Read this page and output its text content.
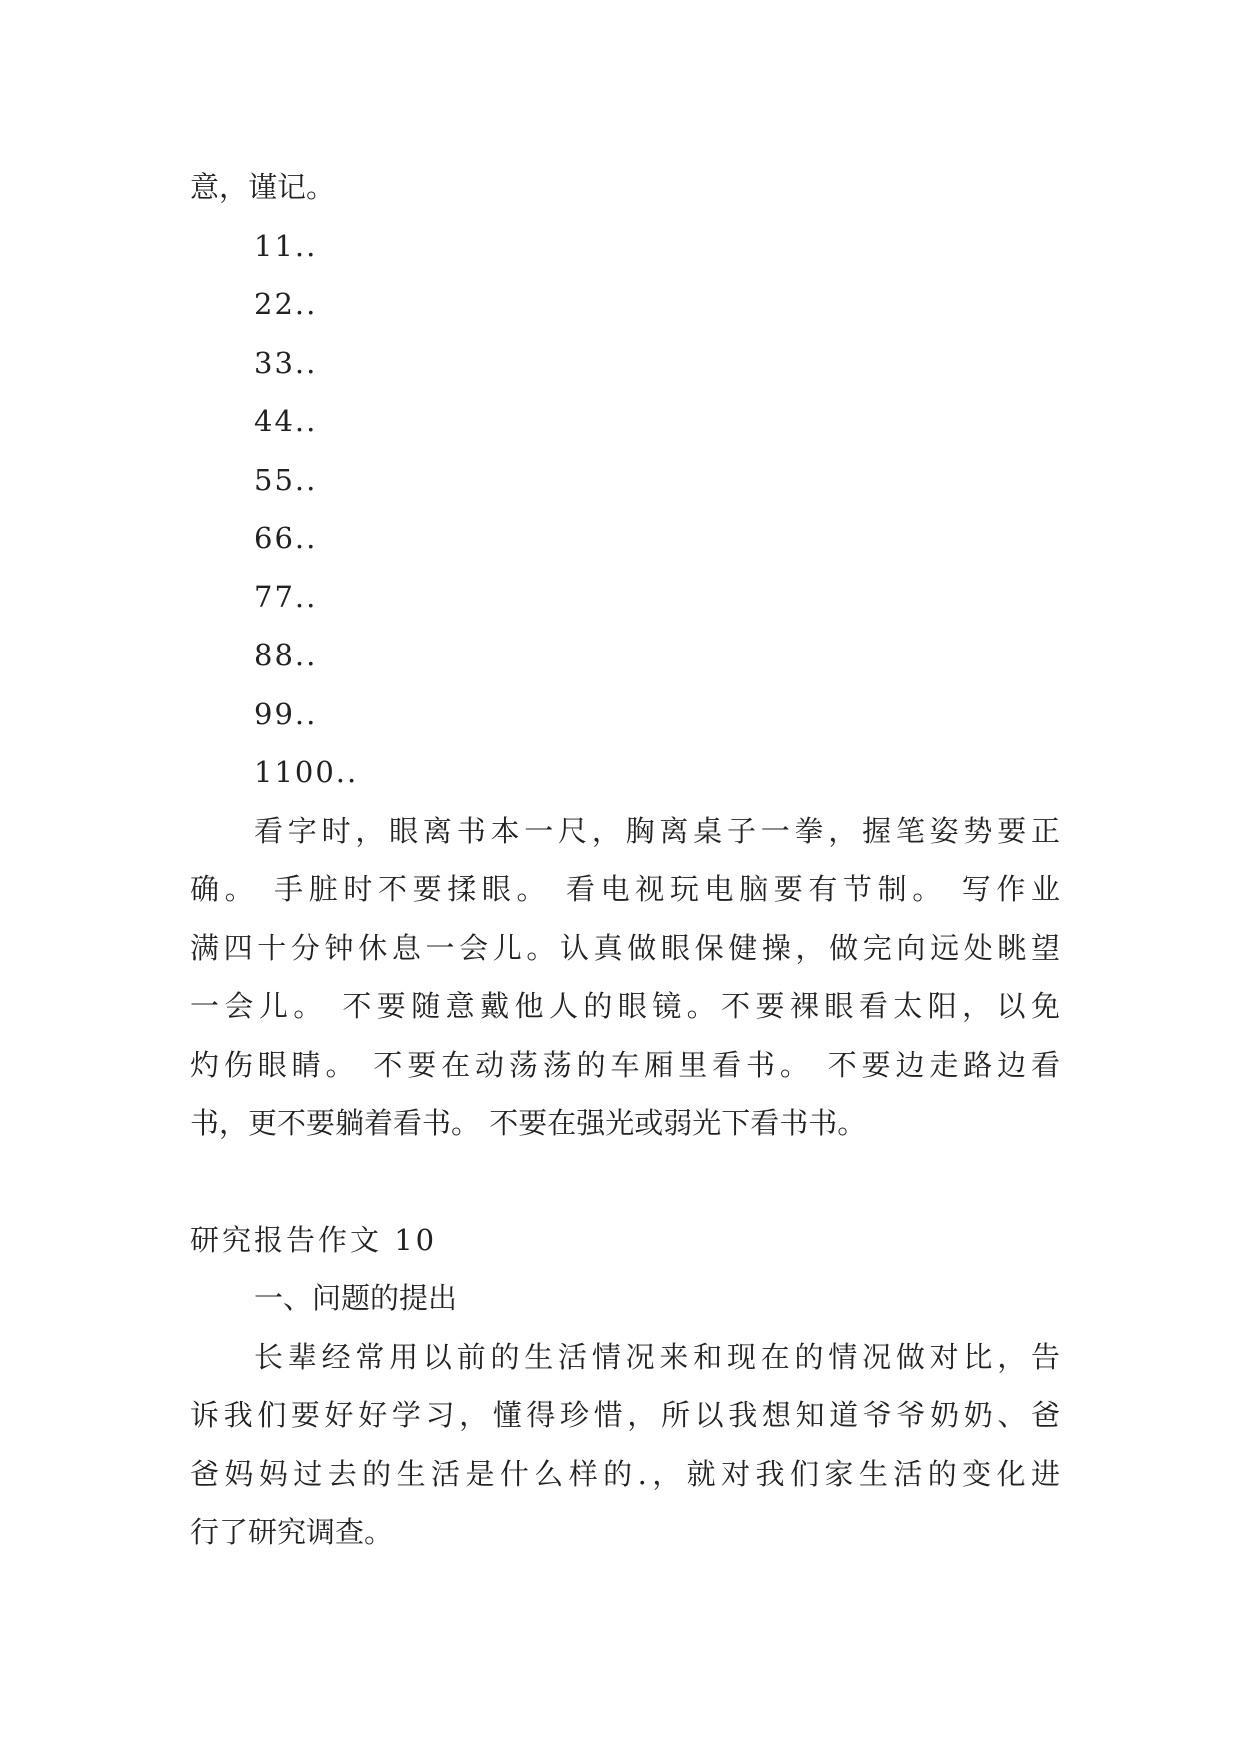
意，谨记。
11..
22..
33..
44..
55..
66..
77..
88..
99..
1100..
看字时，眼离书本一尺，胸离桌子一拳，握笔姿势要正
确。 手脏时不要揉眼。 看电视玩电脑要有节制。 写作业
满四十分钟休息一会儿。认真做眼保健操，做完向远处眺望
一会儿。 不要随意戴他人的眼镜。不要裸眼看太阳，以免
灼伤眼睛。 不要在动荡荡的车厢里看书。 不要边走路边看
书，更不要躺着看书。 不要在强光或弱光下看书书。
研究报告作文 10
一、问题的提出
长辈经常用以前的生活情况来和现在的情况做对比，告
诉我们要好好学习，懂得珍惜，所以我想知道爷爷奶奶、爸
爸妈妈过去的生活是什么样的.，就对我们家生活的变化进
行了研究调查。
